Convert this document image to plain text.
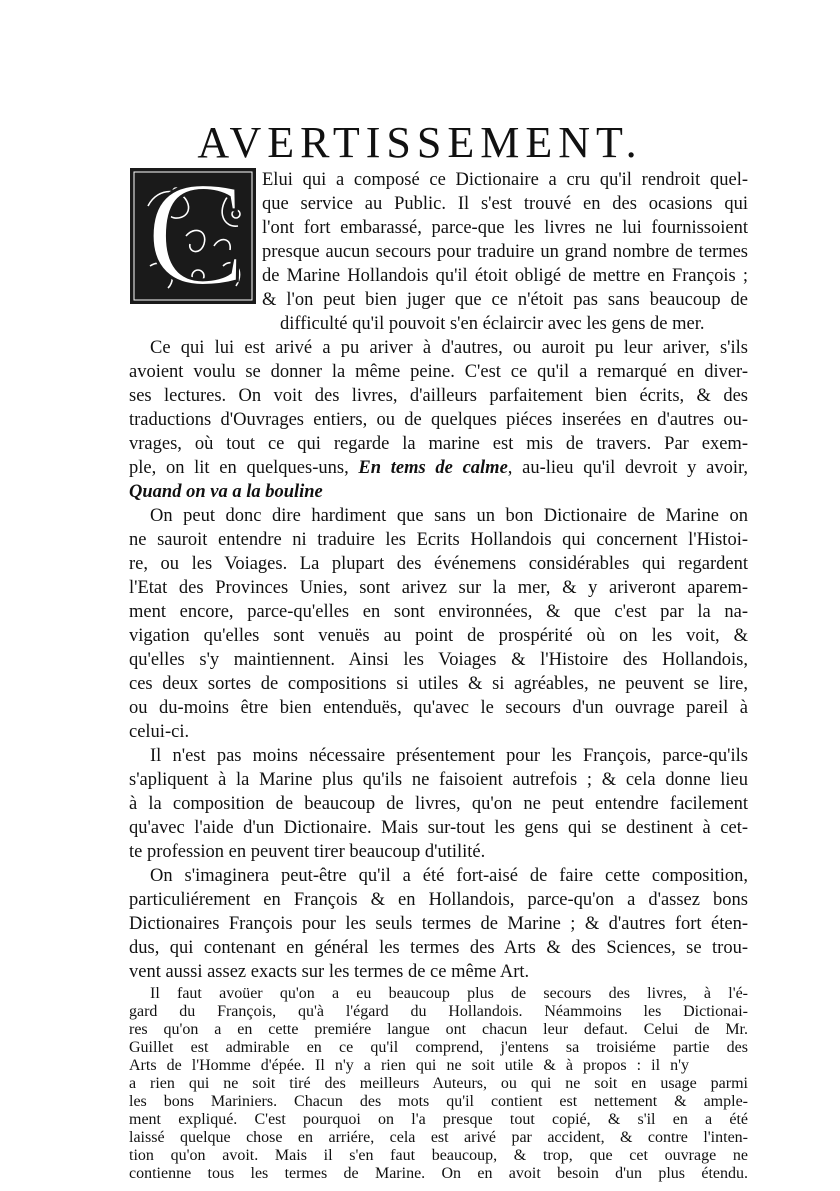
AVERTISSEMENT.
C Elui qui a composé ce Dictionaire a cru qu'il rendroit quel-
que service au Public. Il s'est trouvé en des ocasions qui
l'ont fort embarassé, parce-que les livres ne lui fournissoient
presque aucun secours pour traduire un grand nombre de termes
de Marine Hollandois qu'il étoit obligé de mettre en François ;
& l'on peut bien juger que ce n'étoit pas sans beaucoup de
difficulté qu'il pouvoit s'en éclaircir avec les gens de mer.
Ce qui lui est arivé a pu ariver à d'autres, ou auroit pu leur ariver, s'ils
avoient voulu se donner la même peine. C'est ce qu'il a remarqué en diver-
ses lectures. On voit des livres, d'ailleurs parfaitement bien écrits, & des
traductions d'Ouvrages entiers, ou de quelques piéces inserées en d'autres ou-
vrages, où tout ce qui regarde la marine est mis de travers. Par exem-
ple, on lit en quelques-uns, En tems de calme, au-lieu qu'il devroit y avoir,
Quand on va a la bouline
On peut donc dire hardiment que sans un bon Dictionaire de Marine on
ne sauroit entendre ni traduire les Ecrits Hollandois qui concernent l'Histoi-
re, ou les Voiages. La plupart des événemens considérables qui regardent
l'Etat des Provinces Unies, sont arivez sur la mer, & y ariveront aparem-
ment encore, parce-qu'elles en sont environnées, & que c'est par la na-
vigation qu'elles sont venuës au point de prospérité où on les voit, &
qu'elles s'y maintiennent. Ainsi les Voiages & l'Histoire des Hollandois,
ces deux sortes de compositions si utiles & si agréables, ne peuvent se lire,
ou du-moins être bien entenduës, qu'avec le secours d'un ouvrage pareil à
celui-ci.
Il n'est pas moins nécessaire présentement pour les François, parce-qu'ils
s'apliquent à la Marine plus qu'ils ne faisoient autrefois ; & cela donne lieu
à la composition de beaucoup de livres, qu'on ne peut entendre facilement
qu'avec l'aide d'un Dictionaire. Mais sur-tout les gens qui se destinent à cet-
te profession en peuvent tirer beaucoup d'utilité.
On s'imaginera peut-être qu'il a été fort-aisé de faire cette composition,
particuliérement en François & en Hollandois, parce-qu'on a d'assez bons
Dictionaires François pour les seuls termes de Marine ; & d'autres fort éten-
dus, qui contenant en général les termes des Arts & des Sciences, se trou-
vent aussi assez exacts sur les termes de ce même Art.
Il faut avoüer qu'on a eu beaucoup plus de secours des livres, à l'é-
gard du François, qu'à l'égard du Hollandois. Néammoins les Dictionai-
res qu'on a en cette premiére langue ont chacun leur defaut. Celui de Mr.
Guillet est admirable en ce qu'il comprend, j'entens sa troisiéme partie des
Arts de l'Homme d'épée. Il n'y a rien qui ne soit utile & à propos : il n'y
a rien qui ne soit tiré des meilleurs Auteurs, ou qui ne soit en usage parmi
les bons Mariniers. Chacun des mots qu'il contient est nettement & ample-
ment expliqué. C'est pourquoi on l'a presque tout copié, & s'il en a été
laissé quelque chose en arriére, cela est arivé par accident, & contre l'inten-
tion qu'on avoit. Mais il s'en faut beaucoup, & trop, que cet ouvrage ne
contienne tous les termes de Marine. On en avoit besoin d'un plus étendu.
